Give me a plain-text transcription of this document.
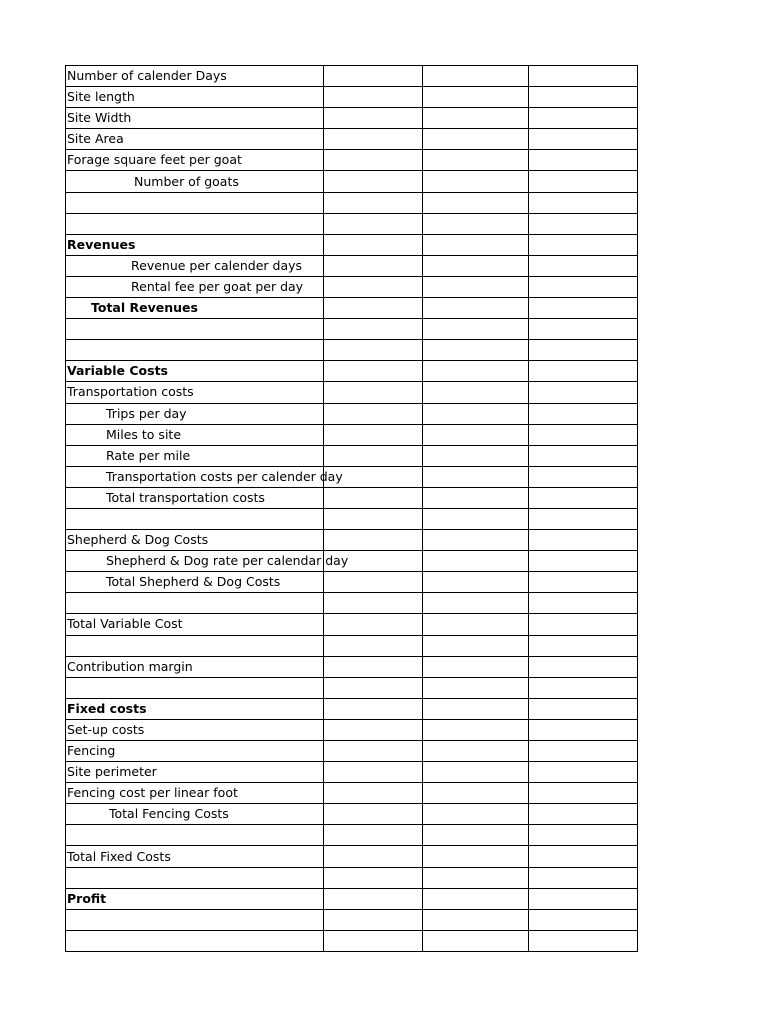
Number of calender Days			
Site length			
Site Width			
Site Area			
Forage square feet per goat			
Number of goats			

Revenues			
Revenue per calender days			
Rental fee per goat per day			
Total Revenues			

Variable Costs			
Transportation costs			
Trips per day			
Miles to site			
Rate per mile			
Transportation costs per calender day			
Total transportation costs			

Shepherd & Dog Costs			
Shepherd & Dog rate per calendar day			
Total Shepherd & Dog Costs			

Total Variable Cost			

Contribution margin			

Fixed costs			
Set-up costs			
Fencing			
Site perimeter			
Fencing cost per linear foot			
Total Fencing Costs			

Total Fixed Costs			

Profit			
